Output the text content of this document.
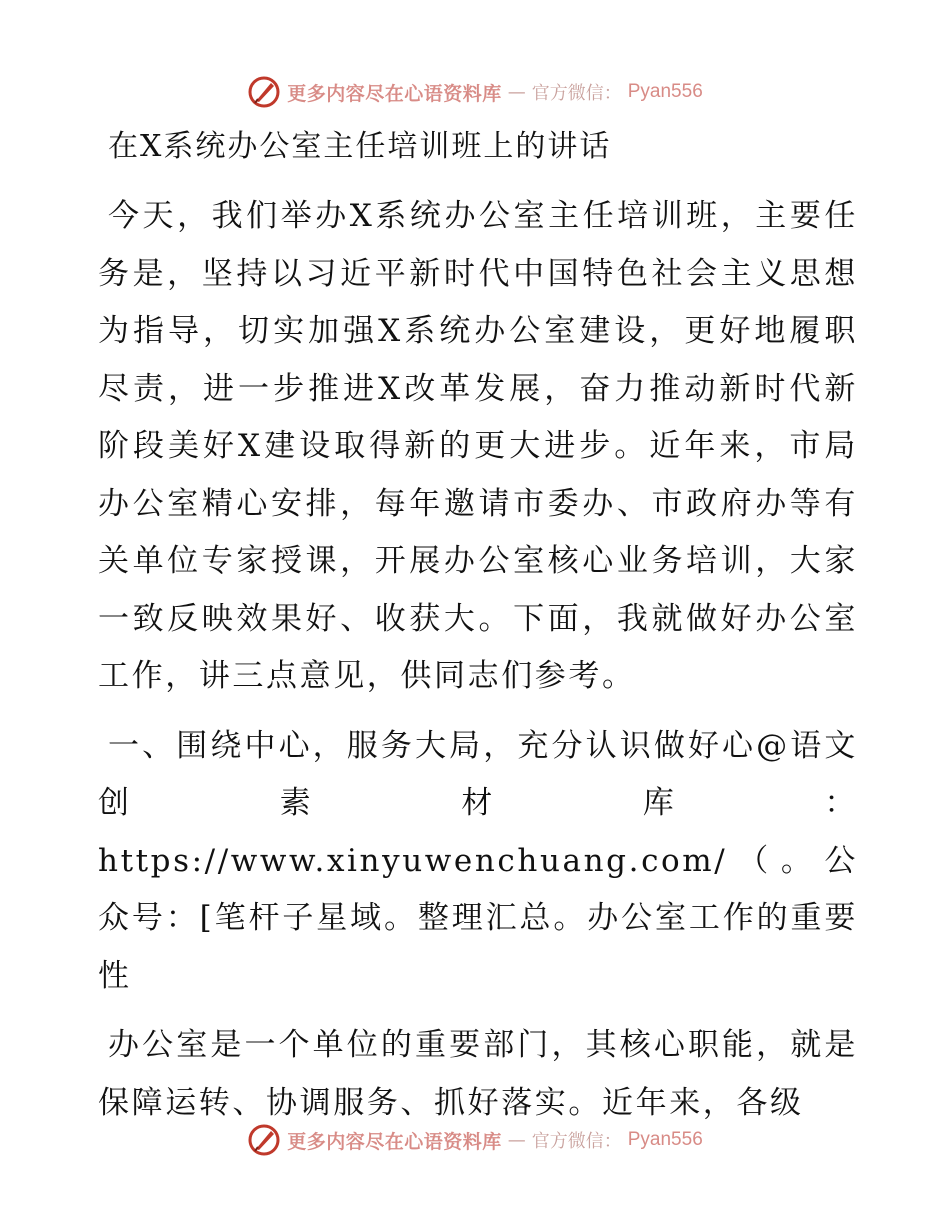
更多内容尽在心语资料库 — 官方微信： Pyan556
在X系统办公室主任培训班上的讲话

今天，我们举办X系统办公室主任培训班，主要任务是，坚持以习近平新时代中国特色社会主义思想为指导，切实加强X系统办公室建设，更好地履职尽责，进一步推进X改革发展，奋力推动新时代新阶段美好X建设取得新的更大进步。近年来，市局办公室精心安排，每年邀请市委办、市政府办等有关单位专家授课，开展办公室核心业务培训，大家一致反映效果好、收获大。下面，我就做好办公室工作，讲三点意见，供同志们参考。

一、围绕中心，服务大局，充分认识做好心@语文创素材库：https://www.xinyuwenchuang.com/（。公众号：[笔杆子星域。整理汇总。办公室工作的重要性

办公室是一个单位的重要部门，其核心职能，就是保障运转、协调服务、抓好落实。近年来，各级

更多内容尽在心语资料库 — 官方微信： Pyan556
